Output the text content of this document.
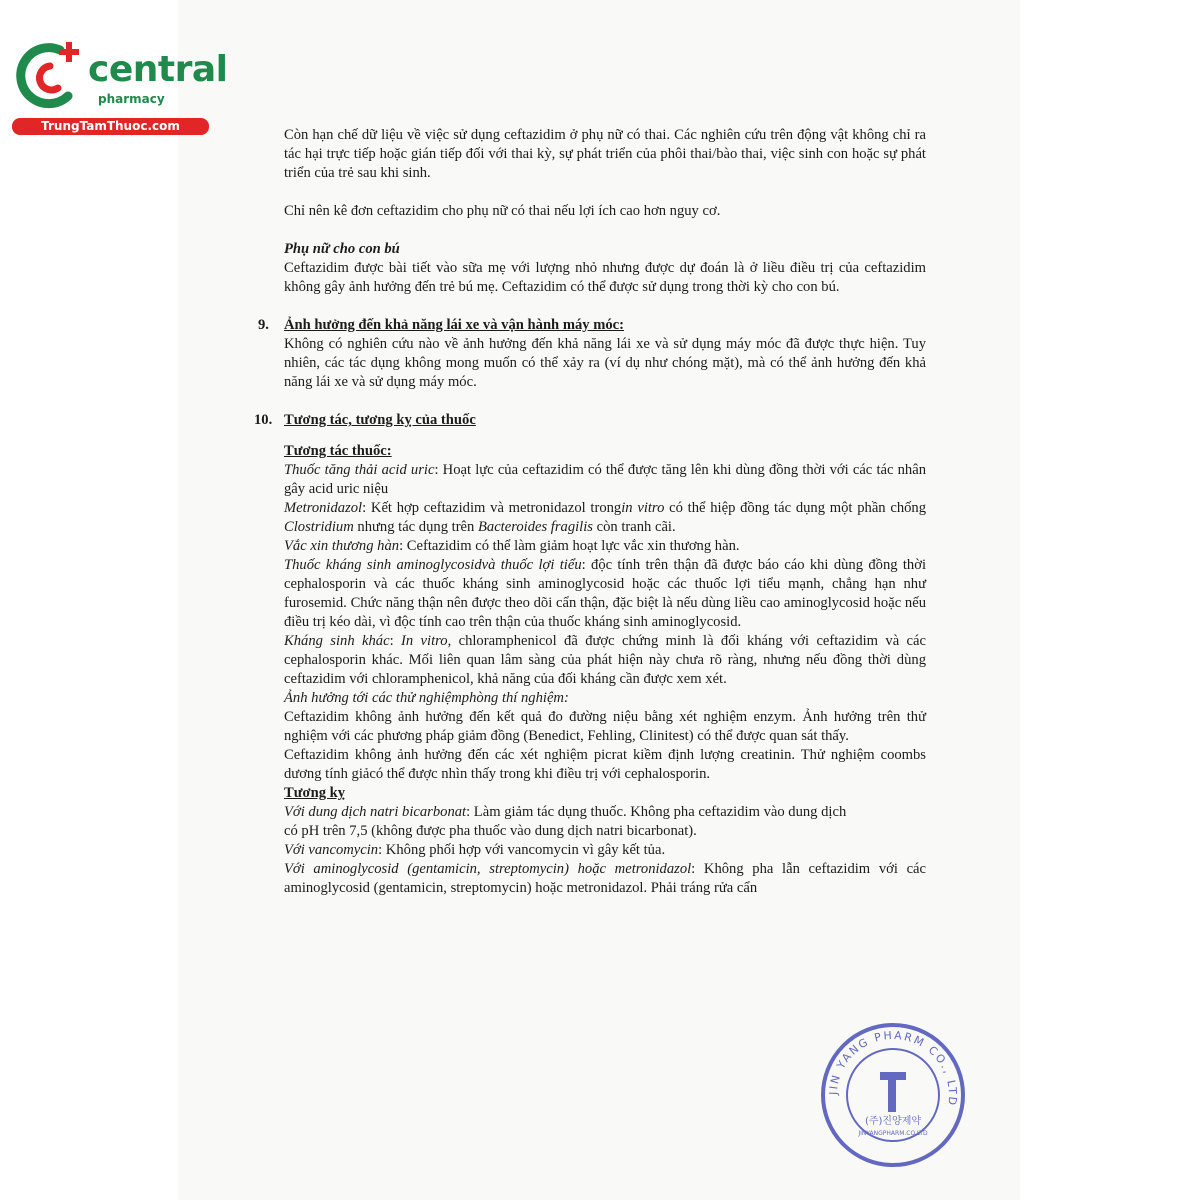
central
pharmacy
TrungTamThuoc.com

Còn hạn chế dữ liệu về việc sử dụng ceftazidim ở phụ nữ có thai. Các nghiên cứu trên động vật không chỉ ra tác hại trực tiếp hoặc gián tiếp đối với thai kỳ, sự phát triển của phôi thai/bào thai, việc sinh con hoặc sự phát triển của trẻ sau khi sinh.

Chỉ nên kê đơn ceftazidim cho phụ nữ có thai nếu lợi ích cao hơn nguy cơ.

Phụ nữ cho con bú

Ceftazidim được bài tiết vào sữa mẹ với lượng nhỏ nhưng được dự đoán là ở liều điều trị của ceftazidim không gây ảnh hưởng đến trẻ bú mẹ. Ceftazidim có thể được sử dụng trong thời kỳ cho con bú.

9. Ảnh hưởng đến khả năng lái xe và vận hành máy móc:

Không có nghiên cứu nào về ảnh hưởng đến khả năng lái xe và sử dụng máy móc đã được thực hiện. Tuy nhiên, các tác dụng không mong muốn có thể xảy ra (ví dụ như chóng mặt), mà có thể ảnh hưởng đến khả năng lái xe và sử dụng máy móc.

10. Tương tác, tương kỵ của thuốc

Tương tác thuốc:

Thuốc tăng thải acid uric: Hoạt lực của ceftazidim có thể được tăng lên khi dùng đồng thời với các tác nhân gây acid uric niệu

Metronidazol: Kết hợp ceftazidim và metronidazol trongin vitro có thể hiệp đồng tác dụng một phần chống Clostridium nhưng tác dụng trên Bacteroides fragilis còn tranh cãi.

Vắc xin thương hàn: Ceftazidim có thể làm giảm hoạt lực vắc xin thương hàn.

Thuốc kháng sinh aminoglycosidvà thuốc lợi tiểu: độc tính trên thận đã được báo cáo khi dùng đồng thời cephalosporin và các thuốc kháng sinh aminoglycosid hoặc các thuốc lợi tiểu mạnh, chẳng hạn như furosemid. Chức năng thận nên được theo dõi cẩn thận, đặc biệt là nếu dùng liều cao aminoglycosid hoặc nếu điều trị kéo dài, vì độc tính cao trên thận của thuốc kháng sinh aminoglycosid.

Kháng sinh khác: In vitro, chloramphenicol đã được chứng minh là đối kháng với ceftazidim và các cephalosporin khác. Mối liên quan lâm sàng của phát hiện này chưa rõ ràng, nhưng nếu đồng thời dùng ceftazidim với chloramphenicol, khả năng của đối kháng cần được xem xét.

Ảnh hưởng tới các thử nghiệmphòng thí nghiệm:

Ceftazidim không ảnh hưởng đến kết quả đo đường niệu bằng xét nghiệm enzym. Ảnh hưởng trên thử nghiệm với các phương pháp giảm đồng (Benedict, Fehling, Clinitest) có thể được quan sát thấy.

Ceftazidim không ảnh hưởng đến các xét nghiệm picrat kiềm định lượng creatinin. Thử nghiệm coombs dương tính giảcó thể được nhìn thấy trong khi điều trị với cephalosporin.

Tương kỵ

Với dung dịch natri bicarbonat: Làm giảm tác dụng thuốc. Không pha ceftazidim vào dung dịch

có pH trên 7,5 (không được pha thuốc vào dung dịch natri bicarbonat).

Với vancomycin: Không phối hợp với vancomycin vì gây kết tủa.

Với aminoglycosid (gentamicin, streptomycin) hoặc metronidazol: Không pha lẫn ceftazidim với các aminoglycosid (gentamicin, streptomycin) hoặc metronidazol. Phải tráng rửa cẩn

JIN YANG PHARM CO., LTD
(주)진양제약
JINYANGPHARM.CO.LTD
